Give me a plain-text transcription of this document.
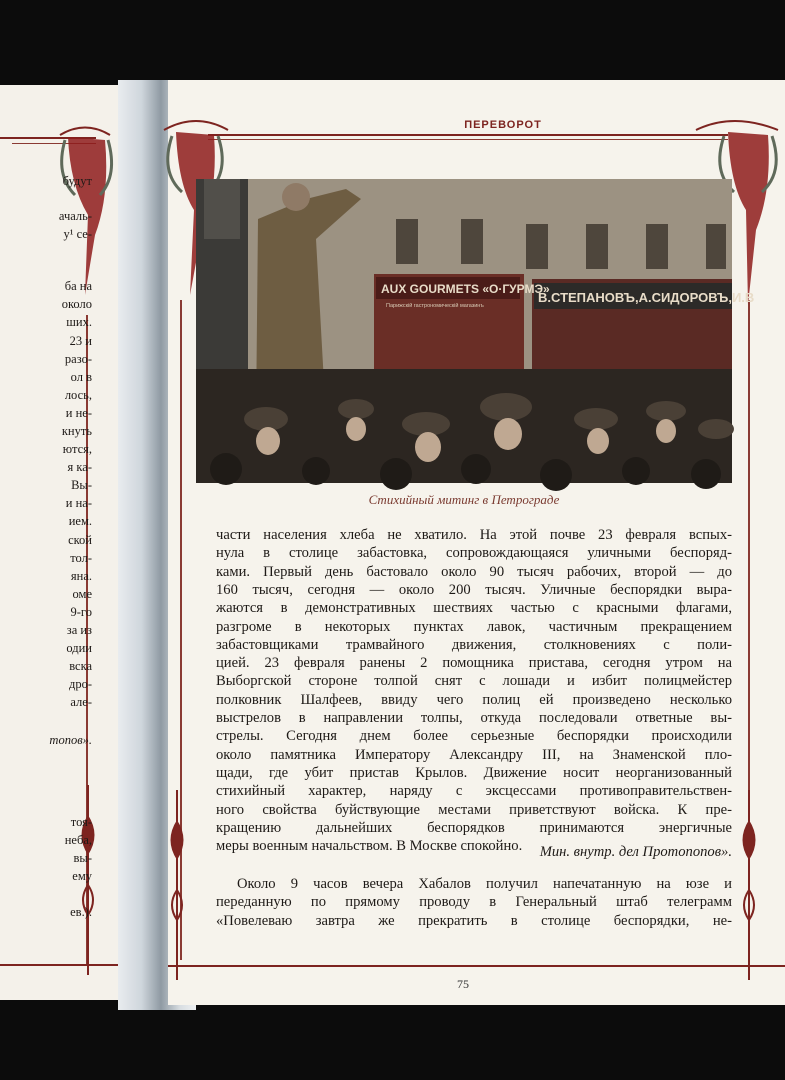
будут
ачаль-
у¹ се-
ба на
около
ших.
23 и
разо-
ол в
лось,
и не-
кнуть
ются,
я ка-
Вы-
и на-
ием.
ской
тол-
яна.
оме
9-го
за из
одии
вска
дро-
але-
топов».
тоя-
неба,
вы-
ему
ев.).
ПЕРЕВОРОТ
AUX GOURMETS «О·ГУРМЭ»
Парижскій гастрономическій магазинъ
В.СТЕПАНОВЪ,А.СИДОРОВЪ,И.В
Стихийный митинг в Петрограде
части населения хлеба не хватило. На этой почве 23 февраля вспых-
нула в столице забастовка, сопровождающаяся уличными беспоряд-
ками. Первый день бастовало около 90 тысяч рабочих, второй — до
160 тысяч, сегодня — около 200 тысяч. Уличные беспорядки выра-
жаются в демонстративных шествиях частью с красными флагами,
разгроме в некоторых пунктах лавок, частичным прекращением
забастовщиками трамвайного движения, столкновениях с поли-
цией. 23 февраля ранены 2 помощника пристава, сегодня утром на
Выборгской стороне толпой снят с лошади и избит полицмейстер
полковник Шалфеев, ввиду чего полиц ей произведено несколько
выстрелов в направлении толпы, откуда последовали ответные вы-
стрелы. Сегодня днем более серьезные беспорядки происходили
около памятника Императору Александру III, на Знаменской пло-
щади, где убит пристав Крылов. Движение носит неорганизованный
стихийный характер, наряду с эксцессами противоправительствен-
ного свойства буйствующие местами приветствуют войска. К пре-
кращению дальнейших беспорядков принимаются энергичные
меры военным начальством. В Москве спокойно.	Мин. внутр. дел Протопопов».
Около 9 часов вечера Хабалов получил напечатанную на юзе и
переданную по прямому проводу в Генеральный штаб телеграмм
«Повелеваю завтра же прекратить в столице беспорядки, не-
75
